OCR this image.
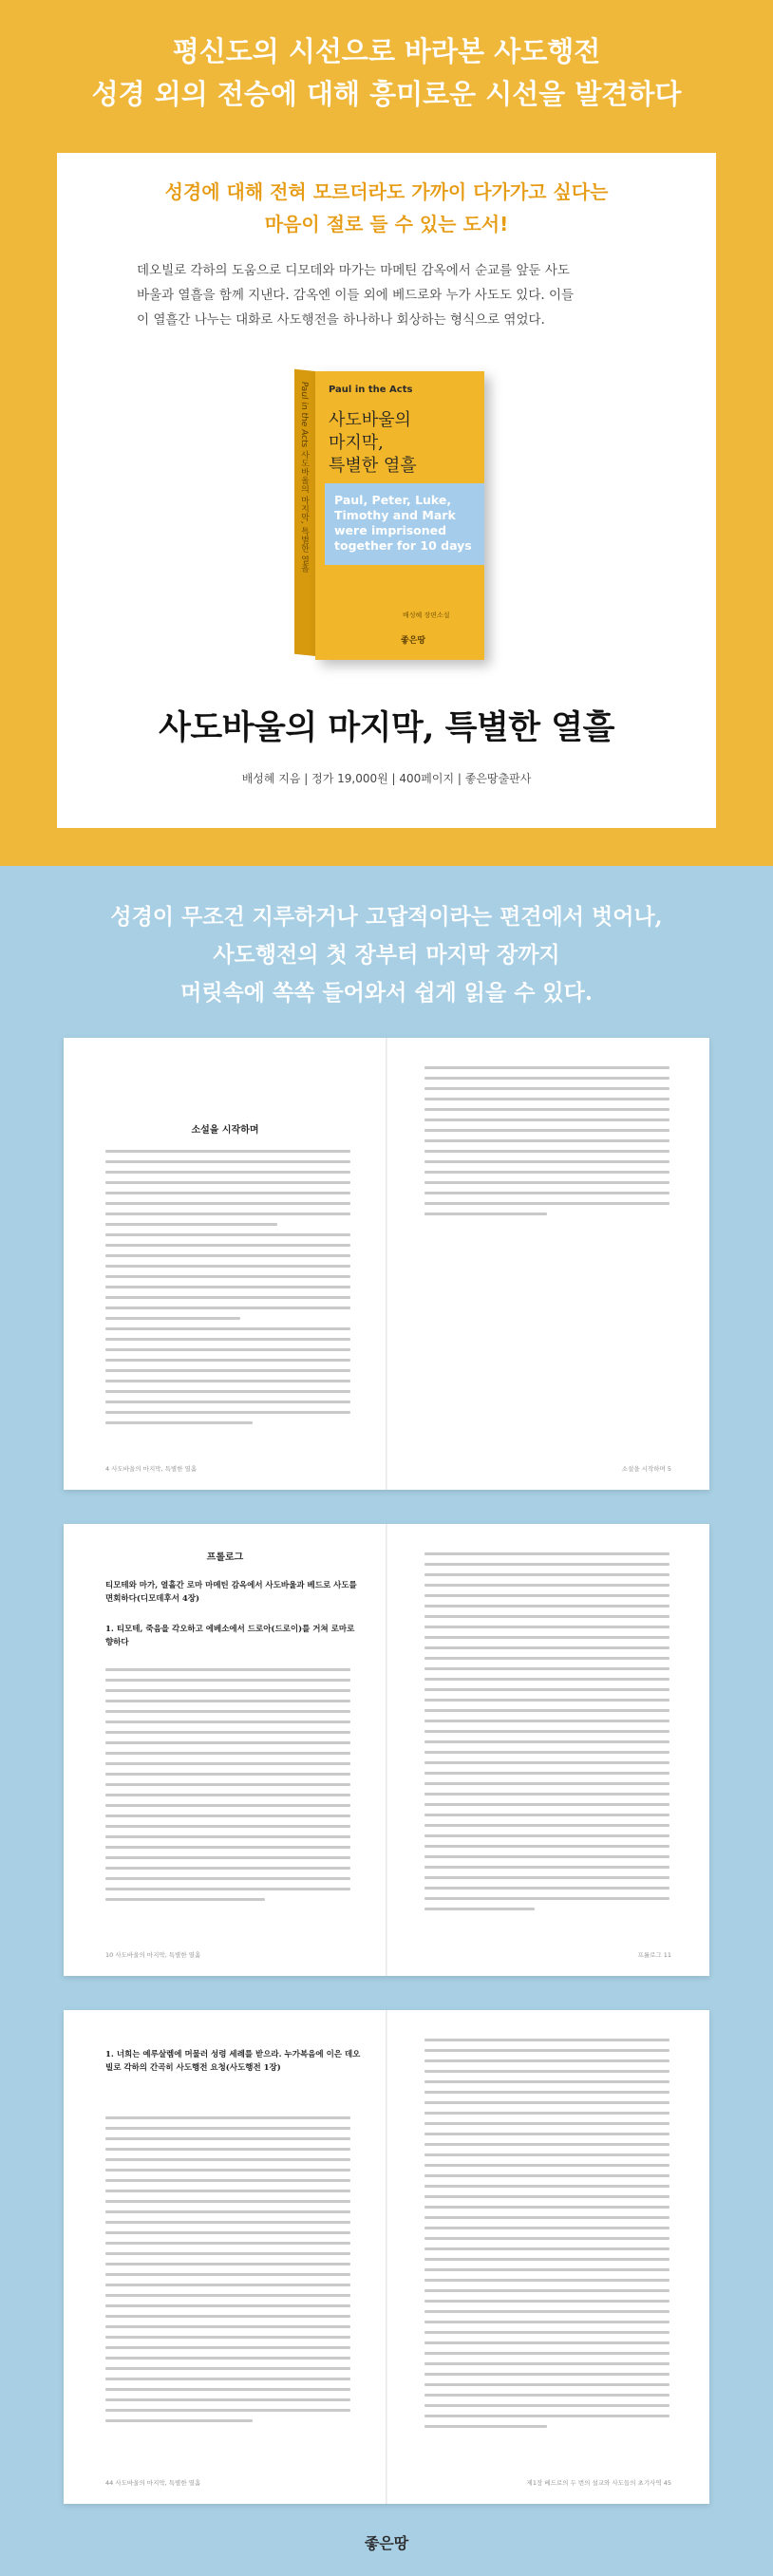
평신도의 시선으로 바라본 사도행전
성경 외의 전승에 대해 흥미로운 시선을 발견하다
성경에 대해 전혀 모르더라도 가까이 다가가고 싶다는
마음이 절로 들 수 있는 도서!

데오빌로 각하의 도움으로 디모데와 마가는 마메틴 감옥에서 순교를 앞둔 사도

바울과 열흘을 함께 지낸다. 감옥엔 이들 외에 베드로와 누가 사도도 있다. 이들

이 열흘간 나누는 대화로 사도행전을 하나하나 회상하는 형식으로 엮었다.

Paul in the Acts 사도바울의 마지막, 특별한 열흘 Paul in the Acts
사도바울의
마지막,
특별한 열흘
Paul, Peter, Luke,
Timothy and Mark
were imprisoned
together for 10 days
배성혜 장편소설
좋은땅
사도바울의 마지막, 특별한 열흘
배성혜 지음 | 정가 19,000원 | 400페이지 | 좋은땅출판사
성경이 무조건 지루하거나 고답적이라는 편견에서 벗어나,
사도행전의 첫 장부터 마지막 장까지
머릿속에 쏙쏙 들어와서 쉽게 읽을 수 있다.
소설을 시작하며
4 사도바울의 마지막, 특별한 열흘	소설을 시작하며 5
프롤로그
티모테와 마가, 열흘간 로마 마메틴 감옥에서 사도바울과 베드로 사도를 면회하다(디모데후서 4장)
1. 티모테, 죽음을 각오하고 에베소에서 드로아(드로이)를 거쳐 로마로 향하다
10 사도바울의 마지막, 특별한 열흘	프롤로그 11
1. 너희는 예루살렘에 머물러 성령 세례를 받으라. 누가복음에 이은 데오빌로 각하의 간곡히 사도행전 요청(사도행전 1장)
44 사도바울의 마지막, 특별한 열흘	제1장 베드로의 두 번의 설교와 사도들의 초기사역 45
좋은땅
